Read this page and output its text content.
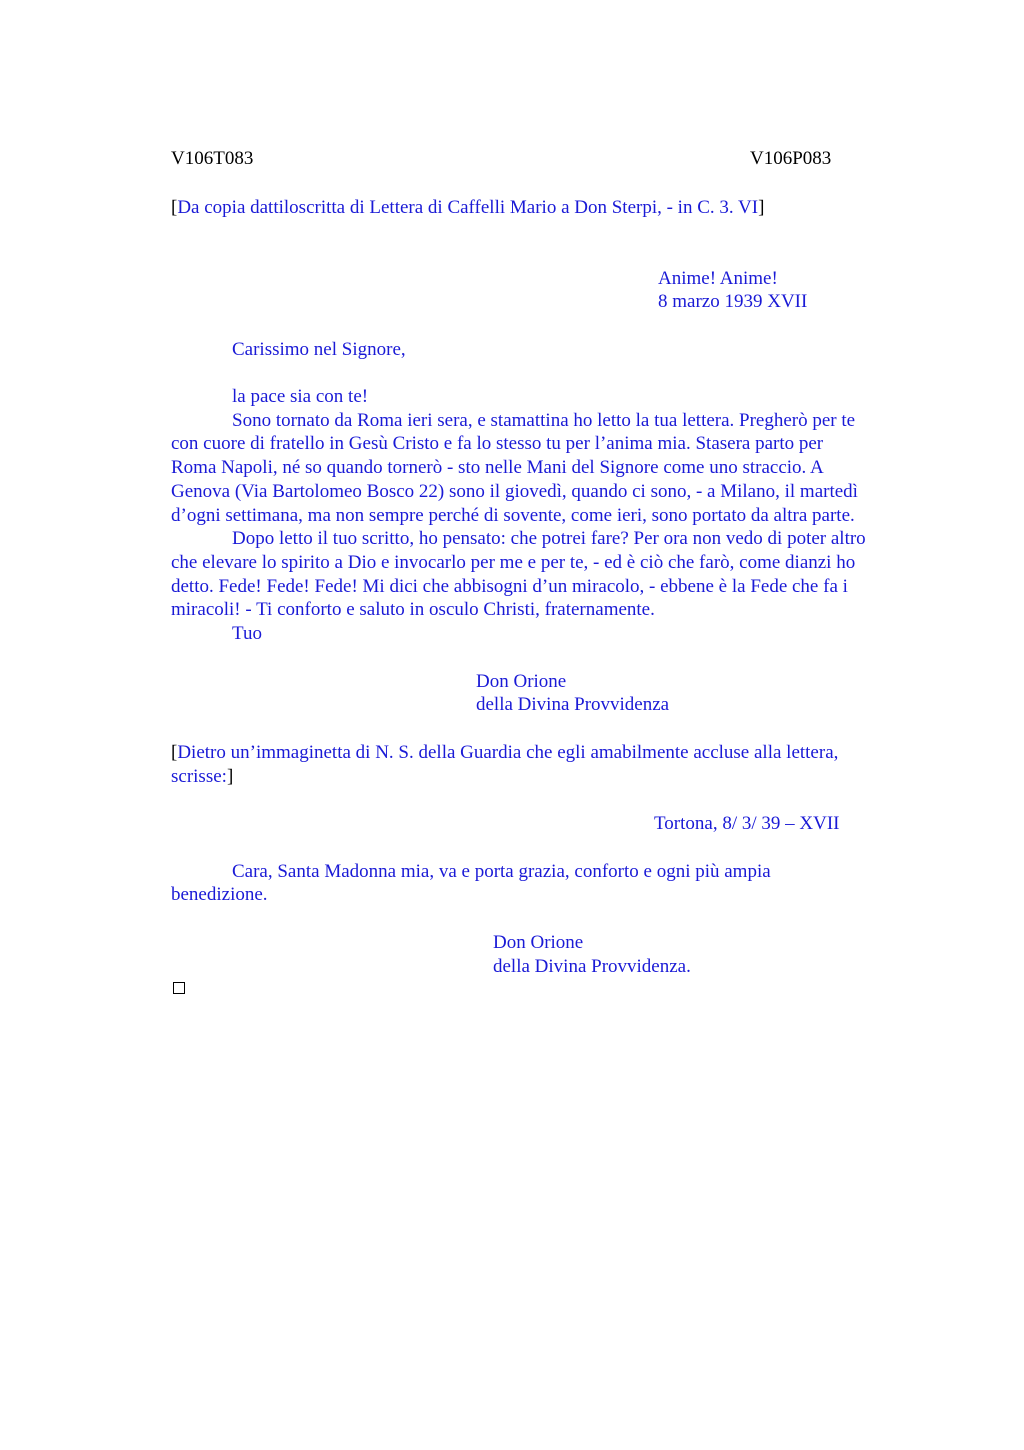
V106T083	V106P083
[Da copia dattiloscritta di Lettera di Caffelli Mario a Don Sterpi, - in C. 3. VI]
Anime! Anime!
8 marzo 1939 XVII
Carissimo nel Signore,
la pace sia con te!
Sono tornato da Roma ieri sera, e stamattina ho letto la tua lettera. Pregherò per te
con cuore di fratello in Gesù Cristo e fa lo stesso tu per l’anima mia. Stasera parto per
Roma Napoli, né so quando tornerò - sto nelle Mani del Signore come uno straccio. A
Genova (Via Bartolomeo Bosco 22) sono il giovedì, quando ci sono, - a Milano, il martedì
d’ogni settimana, ma non sempre perché di sovente, come ieri, sono portato da altra parte.
Dopo letto il tuo scritto, ho pensato: che potrei fare? Per ora non vedo di poter altro
che elevare lo spirito a Dio e invocarlo per me e per te, - ed è ciò che farò, come dianzi ho
detto. Fede! Fede! Fede! Mi dici che abbisogni d’un miracolo, - ebbene è la Fede che fa i
miracoli! - Ti conforto e saluto in osculo Christi, fraternamente.
Tuo
Don Orione
della Divina Provvidenza
[Dietro un’immaginetta di N. S. della Guardia che egli amabilmente accluse alla lettera,
scrisse:]
Tortona, 8/ 3/ 39 – XVII
Cara, Santa Madonna mia, va e porta grazia, conforto e ogni più ampia
benedizione.
Don Orione
della Divina Provvidenza.
